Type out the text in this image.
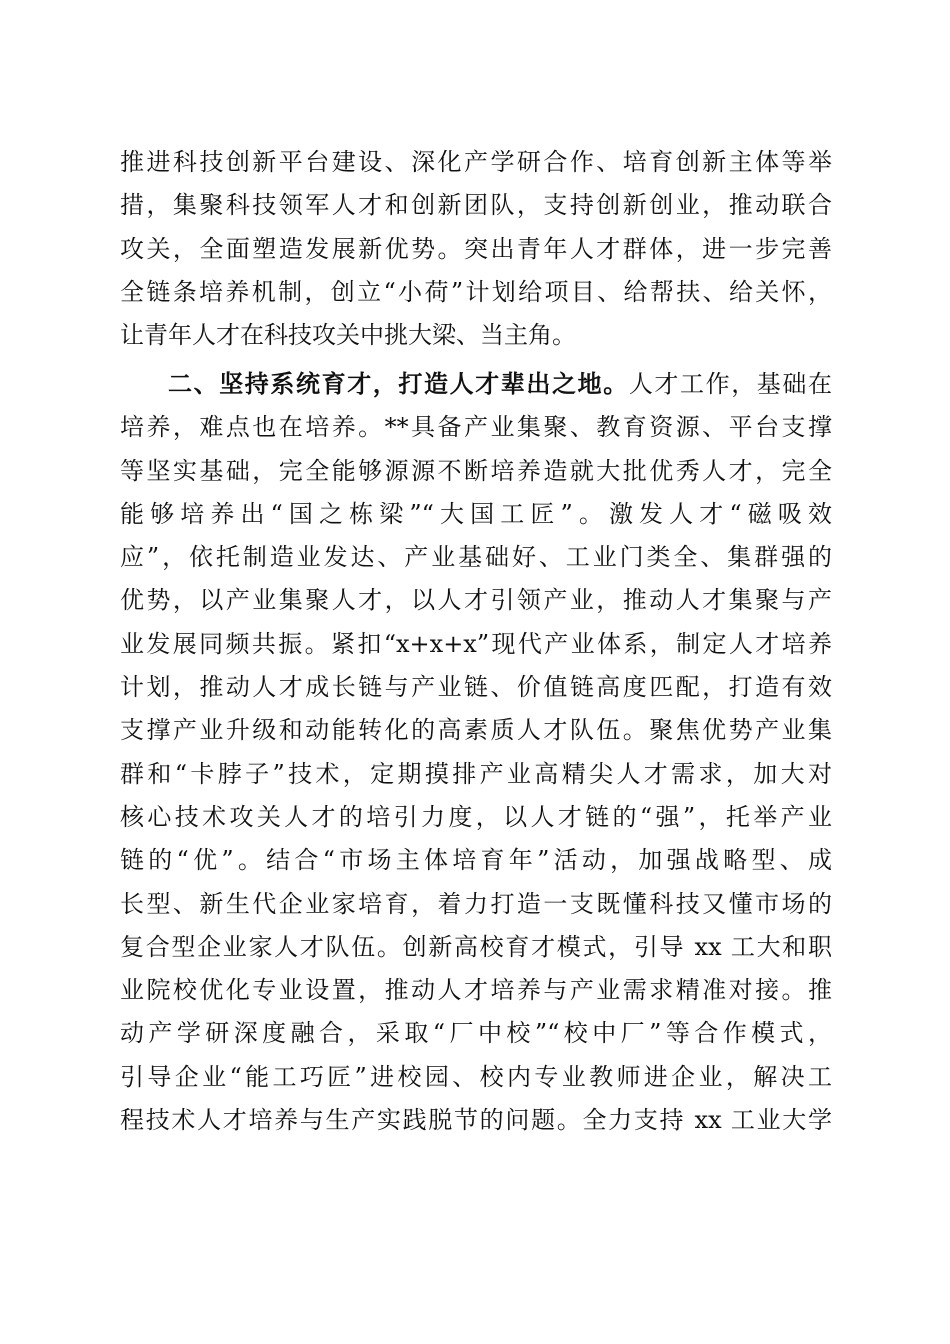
推进科技创新平台建设、深化产学研合作、培育创新主体等举
措，集聚科技领军人才和创新团队，支持创新创业，推动联合
攻关，全面塑造发展新优势。突出青年人才群体，进一步完善
全链条培养机制，创立“小荷”计划给项目、给帮扶、给关怀，
让青年人才在科技攻关中挑大梁、当主角。
二、坚持系统育才，打造人才辈出之地。人才工作，基础在
培养，难点也在培养。**具备产业集聚、教育资源、平台支撑
等坚实基础，完全能够源源不断培养造就大批优秀人才，完全
能够培养出“国之栋梁”“大国工匠”。激发人才“磁吸效
应”，依托制造业发达、产业基础好、工业门类全、集群强的
优势，以产业集聚人才，以人才引领产业，推动人才集聚与产
业发展同频共振。紧扣“x+x+x”现代产业体系，制定人才培养
计划，推动人才成长链与产业链、价值链高度匹配，打造有效
支撑产业升级和动能转化的高素质人才队伍。聚焦优势产业集
群和“卡脖子”技术，定期摸排产业高精尖人才需求，加大对
核心技术攻关人才的培引力度，以人才链的“强”，托举产业
链的“优”。结合“市场主体培育年”活动，加强战略型、成
长型、新生代企业家培育，着力打造一支既懂科技又懂市场的
复合型企业家人才队伍。创新高校育才模式，引导 xx 工大和职
业院校优化专业设置，推动人才培养与产业需求精准对接。推
动产学研深度融合，采取“厂中校”“校中厂”等合作模式，
引导企业“能工巧匠”进校园、校内专业教师进企业，解决工
程技术人才培养与生产实践脱节的问题。全力支持 xx 工业大学
